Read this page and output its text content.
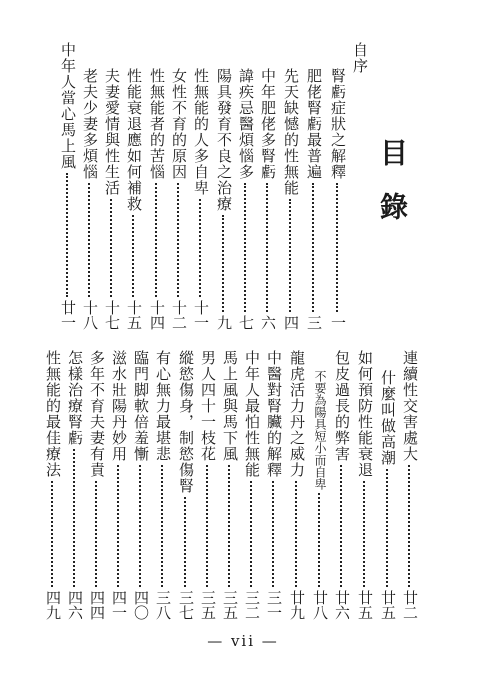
目錄
自序
腎虧症狀之解釋
一
肥佬腎虧最普遍
三
先天缺憾的性無能
四
中年肥佬多腎虧
六
諱疾忌醫煩惱多
七
陽具發育不良之治療
九
性無能的人多自卑
十一
女性不育的原因
十二
性無能者的苦惱
十四
性能衰退應如何補救
十五
夫妻愛情與性生活
十七
老夫少妻多煩惱
十八
中年人當心馬上風
廿一
連續性交害處大
廿二
什麼叫做高潮
廿五
如何預防性能衰退
廿五
包皮過長的弊害
廿六
不要為陽具短小而自卑
廿八
龍虎活力丹之威力
廿九
中醫對腎臟的解釋
三一
中年人最怕性無能
三二
馬上風與馬下風
三五
男人四十一枝花
三五
縱慾傷身，制慾傷腎
三七
有心無力最堪悲
三八
臨門脚軟倍羞慚
四〇
滋水壯陽丹妙用
四一
多年不育夫妻有責
四四
怎樣治療腎虧
四六
性無能的最佳療法
四九
— vii —
